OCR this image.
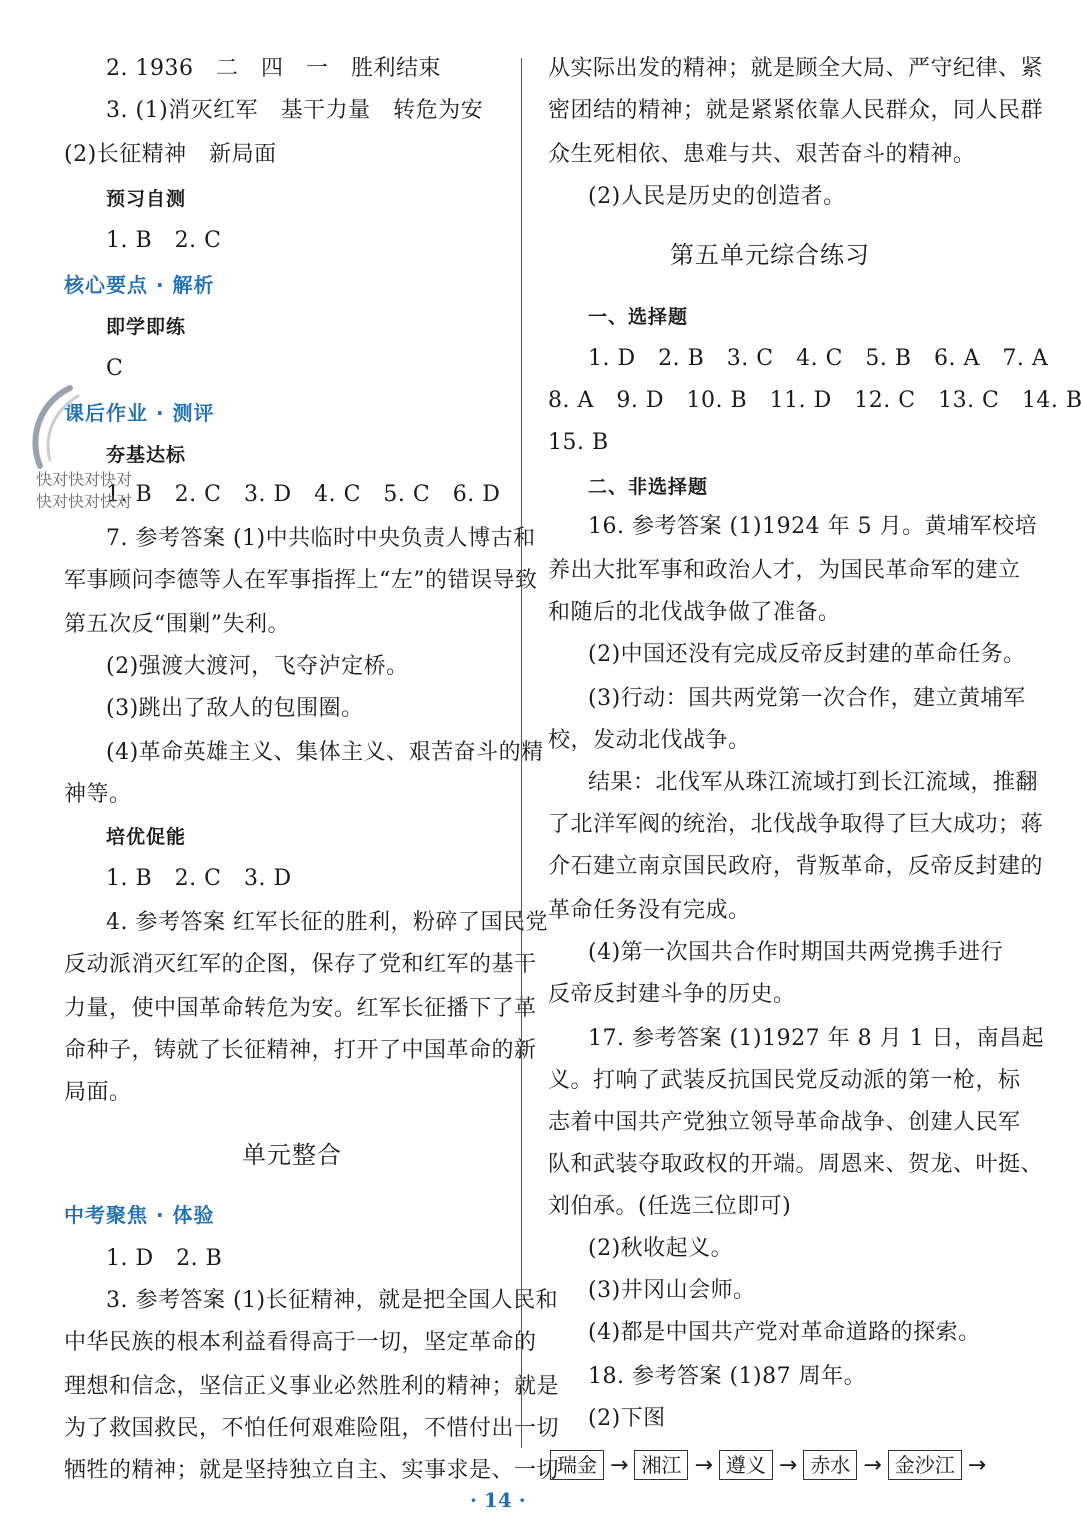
2. 1936　二　四　一　胜利结束
3. (1)消灭红军　基干力量　转危为安
(2)长征精神　新局面
预习自测
1. B　2. C
核心要点 · 解析
即学即练
C
课后作业 · 测评
夯基达标
1. B　2. C　3. D　4. C　5. C　6. D
7. 参考答案 (1)中共临时中央负责人博古和
军事顾问李德等人在军事指挥上“左”的错误导致
第五次反“围剿”失利。
(2)强渡大渡河，飞夺泸定桥。
(3)跳出了敌人的包围圈。
(4)革命英雄主义、集体主义、艰苦奋斗的精
神等。
培优促能
1. B　2. C　3. D
4. 参考答案 红军长征的胜利，粉碎了国民党
反动派消灭红军的企图，保存了党和红军的基干
力量，使中国革命转危为安。红军长征播下了革
命种子，铸就了长征精神，打开了中国革命的新
局面。
单元整合
中考聚焦 · 体验
1. D　2. B
3. 参考答案 (1)长征精神，就是把全国人民和
中华民族的根本利益看得高于一切，坚定革命的
理想和信念，坚信正义事业必然胜利的精神；就是
为了救国救民，不怕任何艰难险阻，不惜付出一切
牺牲的精神；就是坚持独立自主、实事求是、一切
快对快对快对
快对快对快对
从实际出发的精神；就是顾全大局、严守纪律、紧
密团结的精神；就是紧紧依靠人民群众，同人民群
众生死相依、患难与共、艰苦奋斗的精神。
(2)人民是历史的创造者。
第五单元综合练习
一、选择题
1. D　2. B　3. C　4. C　5. B　6. A　7. A
8. A　9. D　10. B　11. D　12. C　13. C　14. B
15. B
二、非选择题
16. 参考答案 (1)1924 年 5 月。黄埔军校培
养出大批军事和政治人才，为国民革命军的建立
和随后的北伐战争做了准备。
(2)中国还没有完成反帝反封建的革命任务。
(3)行动：国共两党第一次合作，建立黄埔军
校，发动北伐战争。
结果：北伐军从珠江流域打到长江流域，推翻
了北洋军阀的统治，北伐战争取得了巨大成功；蒋
介石建立南京国民政府，背叛革命，反帝反封建的
革命任务没有完成。
(4)第一次国共合作时期国共两党携手进行
反帝反封建斗争的历史。
17. 参考答案 (1)1927 年 8 月 1 日，南昌起
义。打响了武装反抗国民党反动派的第一枪，标
志着中国共产党独立领导革命战争、创建人民军
队和武装夺取政权的开端。周恩来、贺龙、叶挺、
刘伯承。(任选三位即可)
(2)秋收起义。
(3)井冈山会师。
(4)都是中国共产党对革命道路的探索。
18. 参考答案 (1)87 周年。
(2)下图
瑞金 → 湘江 → 遵义 → 赤水 → 金沙江 →
· 14 ·
